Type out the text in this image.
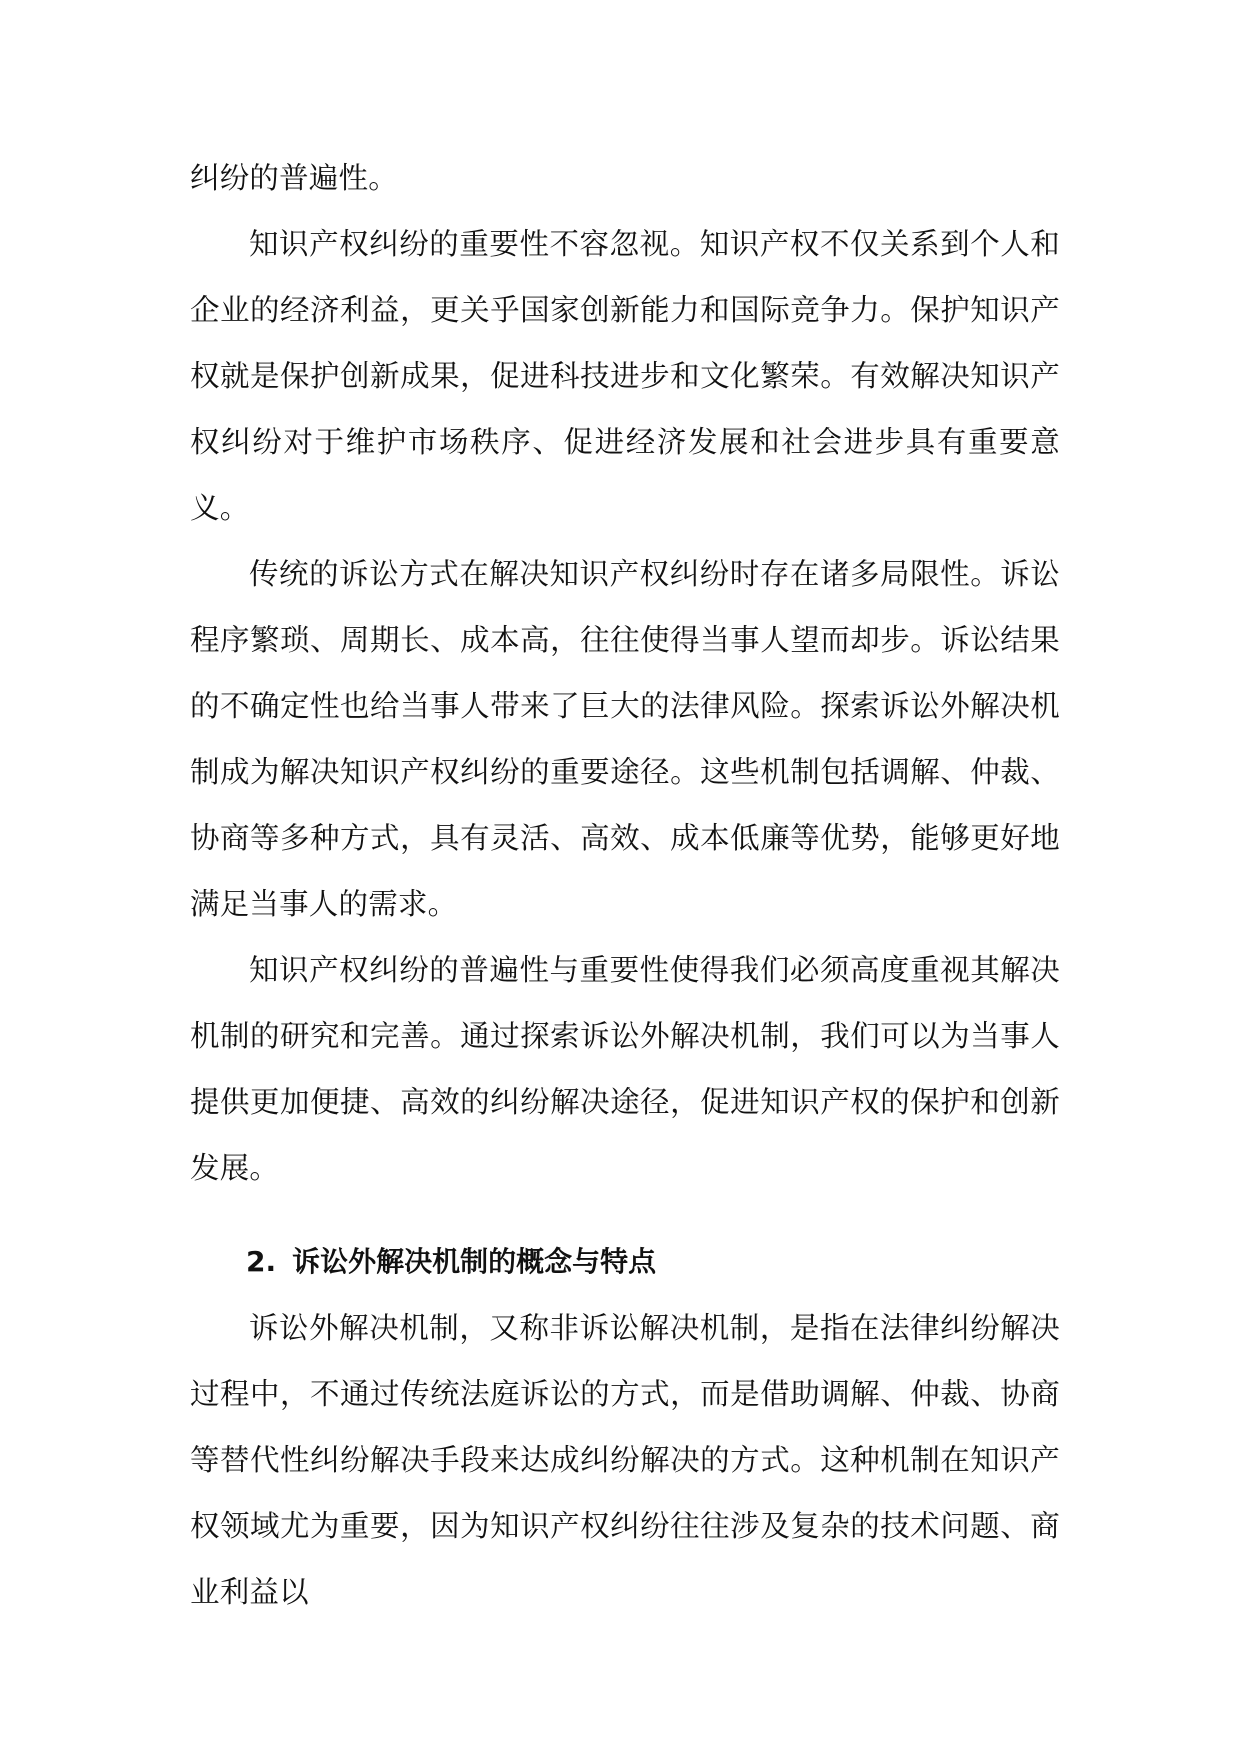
纠纷的普遍性。

知识产权纠纷的重要性不容忽视。知识产权不仅关系到个人和企业的经济利益，更关乎国家创新能力和国际竞争力。保护知识产权就是保护创新成果，促进科技进步和文化繁荣。有效解决知识产权纠纷对于维护市场秩序、促进经济发展和社会进步具有重要意义。

传统的诉讼方式在解决知识产权纠纷时存在诸多局限性。诉讼程序繁琐、周期长、成本高，往往使得当事人望而却步。诉讼结果的不确定性也给当事人带来了巨大的法律风险。探索诉讼外解决机制成为解决知识产权纠纷的重要途径。这些机制包括调解、仲裁、协商等多种方式，具有灵活、高效、成本低廉等优势，能够更好地满足当事人的需求。

知识产权纠纷的普遍性与重要性使得我们必须高度重视其解决机制的研究和完善。通过探索诉讼外解决机制，我们可以为当事人提供更加便捷、高效的纠纷解决途径，促进知识产权的保护和创新发展。

2. 诉讼外解决机制的概念与特点

诉讼外解决机制，又称非诉讼解决机制，是指在法律纠纷解决过程中，不通过传统法庭诉讼的方式，而是借助调解、仲裁、协商等替代性纠纷解决手段来达成纠纷解决的方式。这种机制在知识产权领域尤为重要，因为知识产权纠纷往往涉及复杂的技术问题、商业利益以
